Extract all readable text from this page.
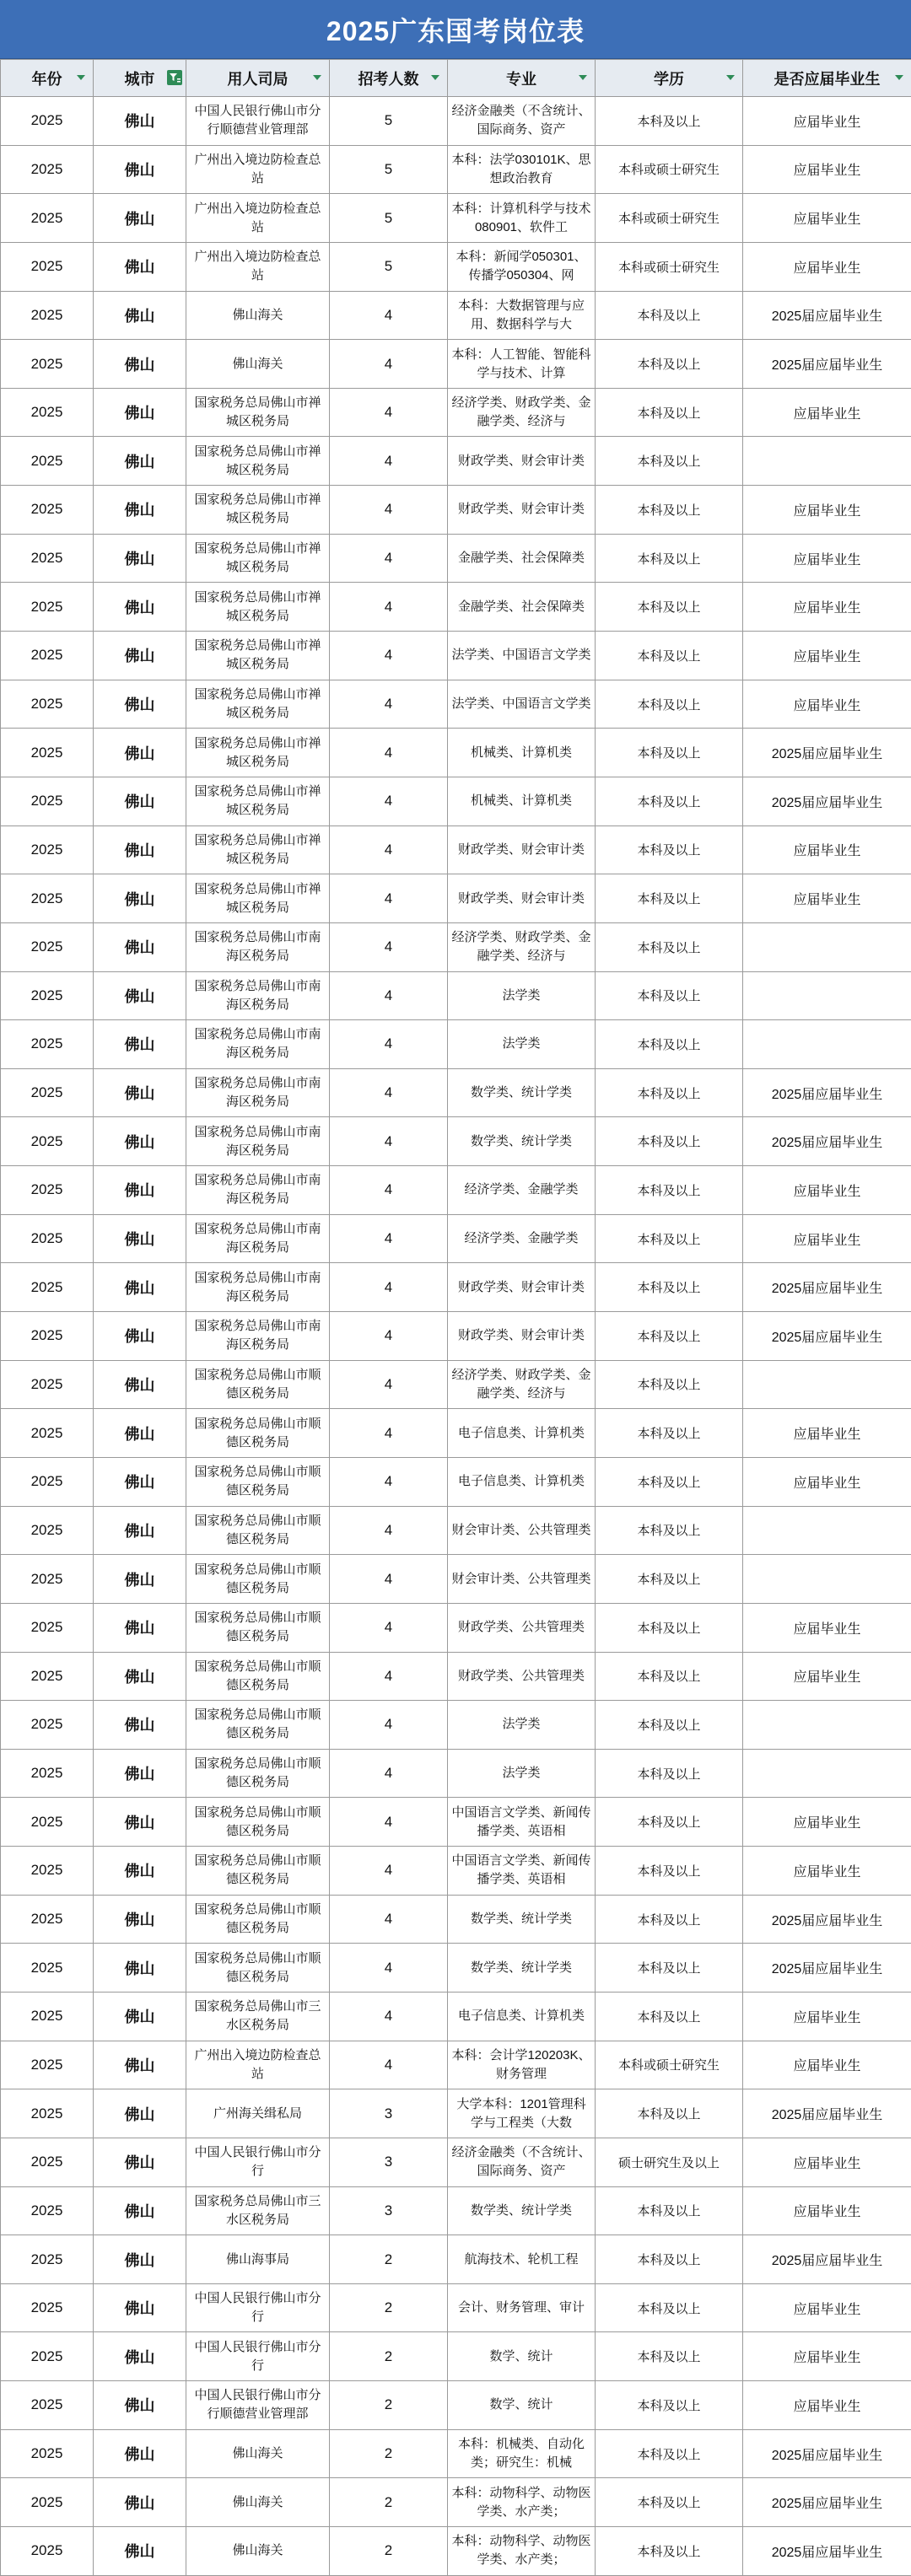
2025广东国考岗位表
年份	城市	用人司局	招考人数	专业	学历	是否应届毕业生

2025	佛山	中国人民银行佛山市分行顺德营业管理部	5	经济金融类（不含统计、国际商务、资产	本科及以上	应届毕业生
2025	佛山	广州出入境边防检查总站	5	本科：法学030101K、思想政治教育	本科或硕士研究生	应届毕业生
2025	佛山	广州出入境边防检查总站	5	本科：计算机科学与技术080901、软件工	本科或硕士研究生	应届毕业生
2025	佛山	广州出入境边防检查总站	5	本科：新闻学050301、传播学050304、网	本科或硕士研究生	应届毕业生
2025	佛山	佛山海关	4	本科：大数据管理与应用、数据科学与大	本科及以上	2025届应届毕业生
2025	佛山	佛山海关	4	本科：人工智能、智能科学与技术、计算	本科及以上	2025届应届毕业生
2025	佛山	国家税务总局佛山市禅城区税务局	4	经济学类、财政学类、金融学类、经济与	本科及以上	应届毕业生
2025	佛山	国家税务总局佛山市禅城区税务局	4	财政学类、财会审计类	本科及以上	
2025	佛山	国家税务总局佛山市禅城区税务局	4	财政学类、财会审计类	本科及以上	应届毕业生
2025	佛山	国家税务总局佛山市禅城区税务局	4	金融学类、社会保障类	本科及以上	应届毕业生
2025	佛山	国家税务总局佛山市禅城区税务局	4	金融学类、社会保障类	本科及以上	应届毕业生
2025	佛山	国家税务总局佛山市禅城区税务局	4	法学类、中国语言文学类	本科及以上	应届毕业生
2025	佛山	国家税务总局佛山市禅城区税务局	4	法学类、中国语言文学类	本科及以上	应届毕业生
2025	佛山	国家税务总局佛山市禅城区税务局	4	机械类、计算机类	本科及以上	2025届应届毕业生
2025	佛山	国家税务总局佛山市禅城区税务局	4	机械类、计算机类	本科及以上	2025届应届毕业生
2025	佛山	国家税务总局佛山市禅城区税务局	4	财政学类、财会审计类	本科及以上	应届毕业生
2025	佛山	国家税务总局佛山市禅城区税务局	4	财政学类、财会审计类	本科及以上	应届毕业生
2025	佛山	国家税务总局佛山市南海区税务局	4	经济学类、财政学类、金融学类、经济与	本科及以上	
2025	佛山	国家税务总局佛山市南海区税务局	4	法学类	本科及以上	
2025	佛山	国家税务总局佛山市南海区税务局	4	法学类	本科及以上	
2025	佛山	国家税务总局佛山市南海区税务局	4	数学类、统计学类	本科及以上	2025届应届毕业生
2025	佛山	国家税务总局佛山市南海区税务局	4	数学类、统计学类	本科及以上	2025届应届毕业生
2025	佛山	国家税务总局佛山市南海区税务局	4	经济学类、金融学类	本科及以上	应届毕业生
2025	佛山	国家税务总局佛山市南海区税务局	4	经济学类、金融学类	本科及以上	应届毕业生
2025	佛山	国家税务总局佛山市南海区税务局	4	财政学类、财会审计类	本科及以上	2025届应届毕业生
2025	佛山	国家税务总局佛山市南海区税务局	4	财政学类、财会审计类	本科及以上	2025届应届毕业生
2025	佛山	国家税务总局佛山市顺德区税务局	4	经济学类、财政学类、金融学类、经济与	本科及以上	
2025	佛山	国家税务总局佛山市顺德区税务局	4	电子信息类、计算机类	本科及以上	应届毕业生
2025	佛山	国家税务总局佛山市顺德区税务局	4	电子信息类、计算机类	本科及以上	应届毕业生
2025	佛山	国家税务总局佛山市顺德区税务局	4	财会审计类、公共管理类	本科及以上	
2025	佛山	国家税务总局佛山市顺德区税务局	4	财会审计类、公共管理类	本科及以上	
2025	佛山	国家税务总局佛山市顺德区税务局	4	财政学类、公共管理类	本科及以上	应届毕业生
2025	佛山	国家税务总局佛山市顺德区税务局	4	财政学类、公共管理类	本科及以上	应届毕业生
2025	佛山	国家税务总局佛山市顺德区税务局	4	法学类	本科及以上	
2025	佛山	国家税务总局佛山市顺德区税务局	4	法学类	本科及以上	
2025	佛山	国家税务总局佛山市顺德区税务局	4	中国语言文学类、新闻传播学类、英语相	本科及以上	应届毕业生
2025	佛山	国家税务总局佛山市顺德区税务局	4	中国语言文学类、新闻传播学类、英语相	本科及以上	应届毕业生
2025	佛山	国家税务总局佛山市顺德区税务局	4	数学类、统计学类	本科及以上	2025届应届毕业生
2025	佛山	国家税务总局佛山市顺德区税务局	4	数学类、统计学类	本科及以上	2025届应届毕业生
2025	佛山	国家税务总局佛山市三水区税务局	4	电子信息类、计算机类	本科及以上	应届毕业生
2025	佛山	广州出入境边防检查总站	4	本科：会计学120203K、财务管理	本科或硕士研究生	应届毕业生
2025	佛山	广州海关缉私局	3	大学本科：1201管理科学与工程类（大数	本科及以上	2025届应届毕业生
2025	佛山	中国人民银行佛山市分行	3	经济金融类（不含统计、国际商务、资产	硕士研究生及以上	应届毕业生
2025	佛山	国家税务总局佛山市三水区税务局	3	数学类、统计学类	本科及以上	应届毕业生
2025	佛山	佛山海事局	2	航海技术、轮机工程	本科及以上	2025届应届毕业生
2025	佛山	中国人民银行佛山市分行	2	会计、财务管理、审计	本科及以上	应届毕业生
2025	佛山	中国人民银行佛山市分行	2	数学、统计	本科及以上	应届毕业生
2025	佛山	中国人民银行佛山市分行顺德营业管理部	2	数学、统计	本科及以上	应届毕业生
2025	佛山	佛山海关	2	本科：机械类、自动化类；研究生：机械	本科及以上	2025届应届毕业生
2025	佛山	佛山海关	2	本科：动物科学、动物医学类、水产类；	本科及以上	2025届应届毕业生
2025	佛山	佛山海关	2	本科：动物科学、动物医学类、水产类；	本科及以上	2025届应届毕业生
